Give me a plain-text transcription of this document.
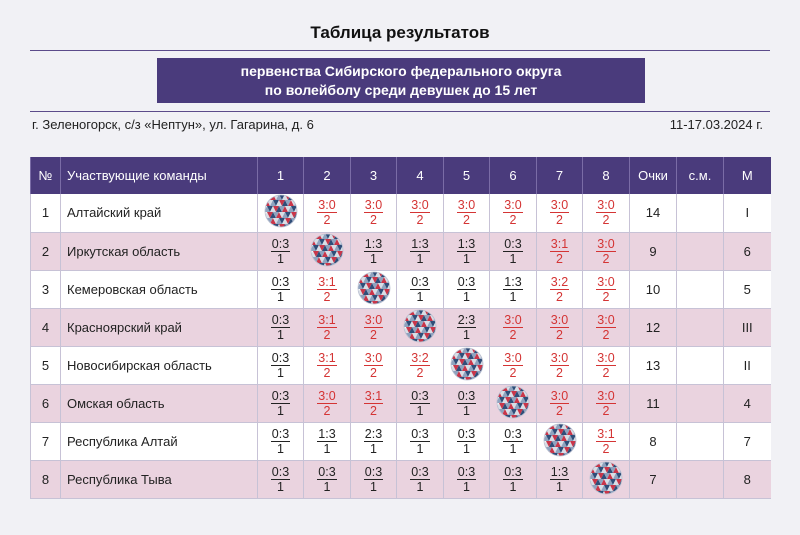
Таблица результатов
первенства Сибирского федерального округа
по волейболу среди девушек до 15 лет
г. Зеленогорск, с/з «Нептун», ул. Гагарина, д. 6	11-17.03.2024 г.
№	Участвующие команды	1	2	3	4	5	6	7	8	Очки	с.м.	М
1	Алтайский край		$\frac{3:0}{2}$	$\frac{3:0}{2}$	$\frac{3:0}{2}$	$\frac{3:0}{2}$	$\frac{3:0}{2}$	$\frac{3:0}{2}$	$\frac{3:0}{2}$	14		I
2	Иркутская область	$\frac{0:3}{1}$		$\frac{1:3}{1}$	$\frac{1:3}{1}$	$\frac{1:3}{1}$	$\frac{0:3}{1}$	$\frac{3:1}{2}$	$\frac{3:0}{2}$	9		6
3	Кемеровская область	$\frac{0:3}{1}$	$\frac{3:1}{2}$		$\frac{0:3}{1}$	$\frac{0:3}{1}$	$\frac{1:3}{1}$	$\frac{3:2}{2}$	$\frac{3:0}{2}$	10		5
4	Красноярский край	$\frac{0:3}{1}$	$\frac{3:1}{2}$	$\frac{3:0}{2}$		$\frac{2:3}{1}$	$\frac{3:0}{2}$	$\frac{3:0}{2}$	$\frac{3:0}{2}$	12		III
5	Новосибирская область	$\frac{0:3}{1}$	$\frac{3:1}{2}$	$\frac{3:0}{2}$	$\frac{3:2}{2}$		$\frac{3:0}{2}$	$\frac{3:0}{2}$	$\frac{3:0}{2}$	13		II
6	Омская область	$\frac{0:3}{1}$	$\frac{3:0}{2}$	$\frac{3:1}{2}$	$\frac{0:3}{1}$	$\frac{0:3}{1}$		$\frac{3:0}{2}$	$\frac{3:0}{2}$	11		4
7	Республика Алтай	$\frac{0:3}{1}$	$\frac{1:3}{1}$	$\frac{2:3}{1}$	$\frac{0:3}{1}$	$\frac{0:3}{1}$	$\frac{0:3}{1}$		$\frac{3:1}{2}$	8		7
8	Республика Тыва	$\frac{0:3}{1}$	$\frac{0:3}{1}$	$\frac{0:3}{1}$	$\frac{0:3}{1}$	$\frac{0:3}{1}$	$\frac{0:3}{1}$	$\frac{1:3}{1}$		7		8
